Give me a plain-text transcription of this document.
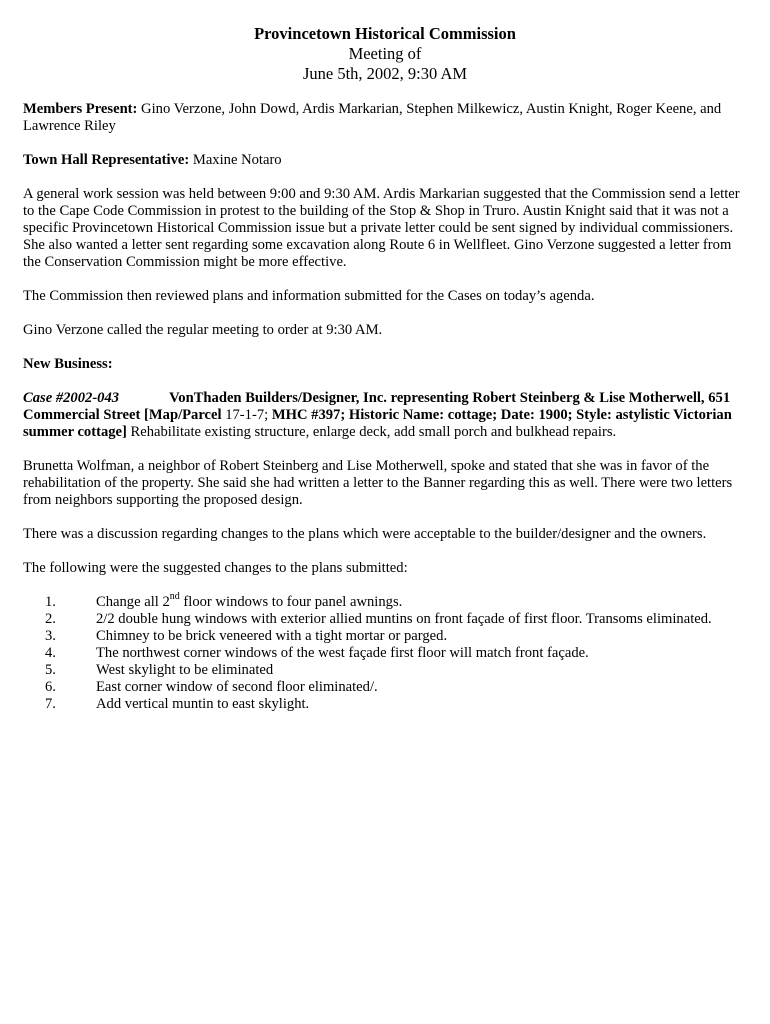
Provincetown Historical Commission
Meeting of
June 5th, 2002, 9:30 AM

Members Present: Gino Verzone, John Dowd, Ardis Markarian, Stephen Milkewicz, Austin Knight, Roger Keene, and Lawrence Riley

Town Hall Representative: Maxine Notaro

A general work session was held between 9:00 and 9:30 AM. Ardis Markarian suggested that the Commission send a letter to the Cape Code Commission in protest to the building of the Stop & Shop in Truro. Austin Knight said that it was not a specific Provincetown Historical Commission issue but a private letter could be sent signed by individual commissioners. She also wanted a letter sent regarding some excavation along Route 6 in Wellfleet. Gino Verzone suggested a letter from the Conservation Commission might be more effective.

The Commission then reviewed plans and information submitted for the Cases on today’s agenda.

Gino Verzone called the regular meeting to order at 9:30 AM.

New Business:

Case #2002-043	VonThaden Builders/Designer, Inc. representing Robert Steinberg & Lise Motherwell, 651 Commercial Street [Map/Parcel 17-1-7; MHC #397; Historic Name: cottage; Date: 1900; Style: astylistic Victorian summer cottage] Rehabilitate existing structure, enlarge deck, add small porch and bulkhead repairs.

Brunetta Wolfman, a neighbor of Robert Steinberg and Lise Motherwell, spoke and stated that she was in favor of the rehabilitation of the property. She said she had written a letter to the Banner regarding this as well. There were two letters from neighbors supporting the proposed design.

There was a discussion regarding changes to the plans which were acceptable to the builder/designer and the owners.

The following were the suggested changes to the plans submitted:

1.	Change all 2nd floor windows to four panel awnings.
2.	2/2 double hung windows with exterior allied muntins on front façade of first floor. Transoms eliminated.
3.	Chimney to be brick veneered with a tight mortar or parged.
4.	The northwest corner windows of the west façade first floor will match front façade.
5.	West skylight to be eliminated
6.	East corner window of second floor eliminated/.
7.	Add vertical muntin to east skylight.
